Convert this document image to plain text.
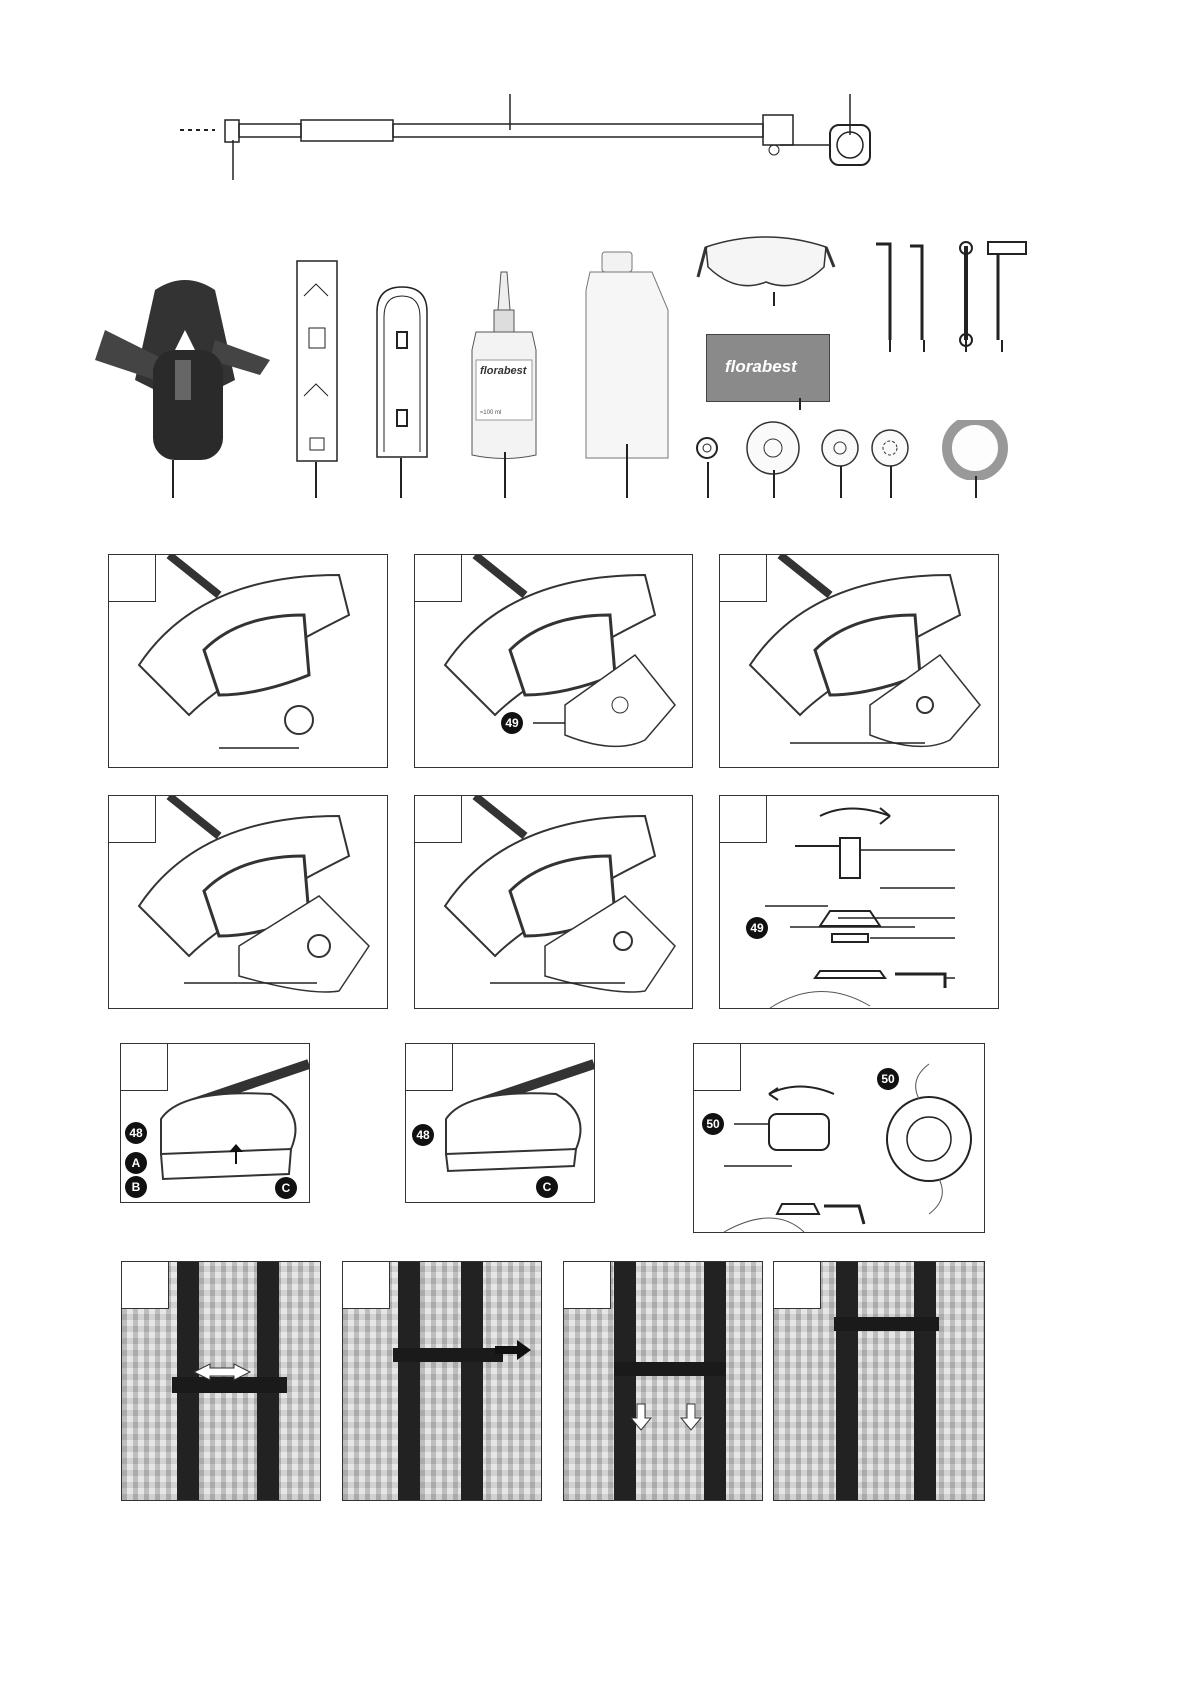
florabest
≈100 ml
florabest
49
49
48
A
B	C
48
C
50
50
